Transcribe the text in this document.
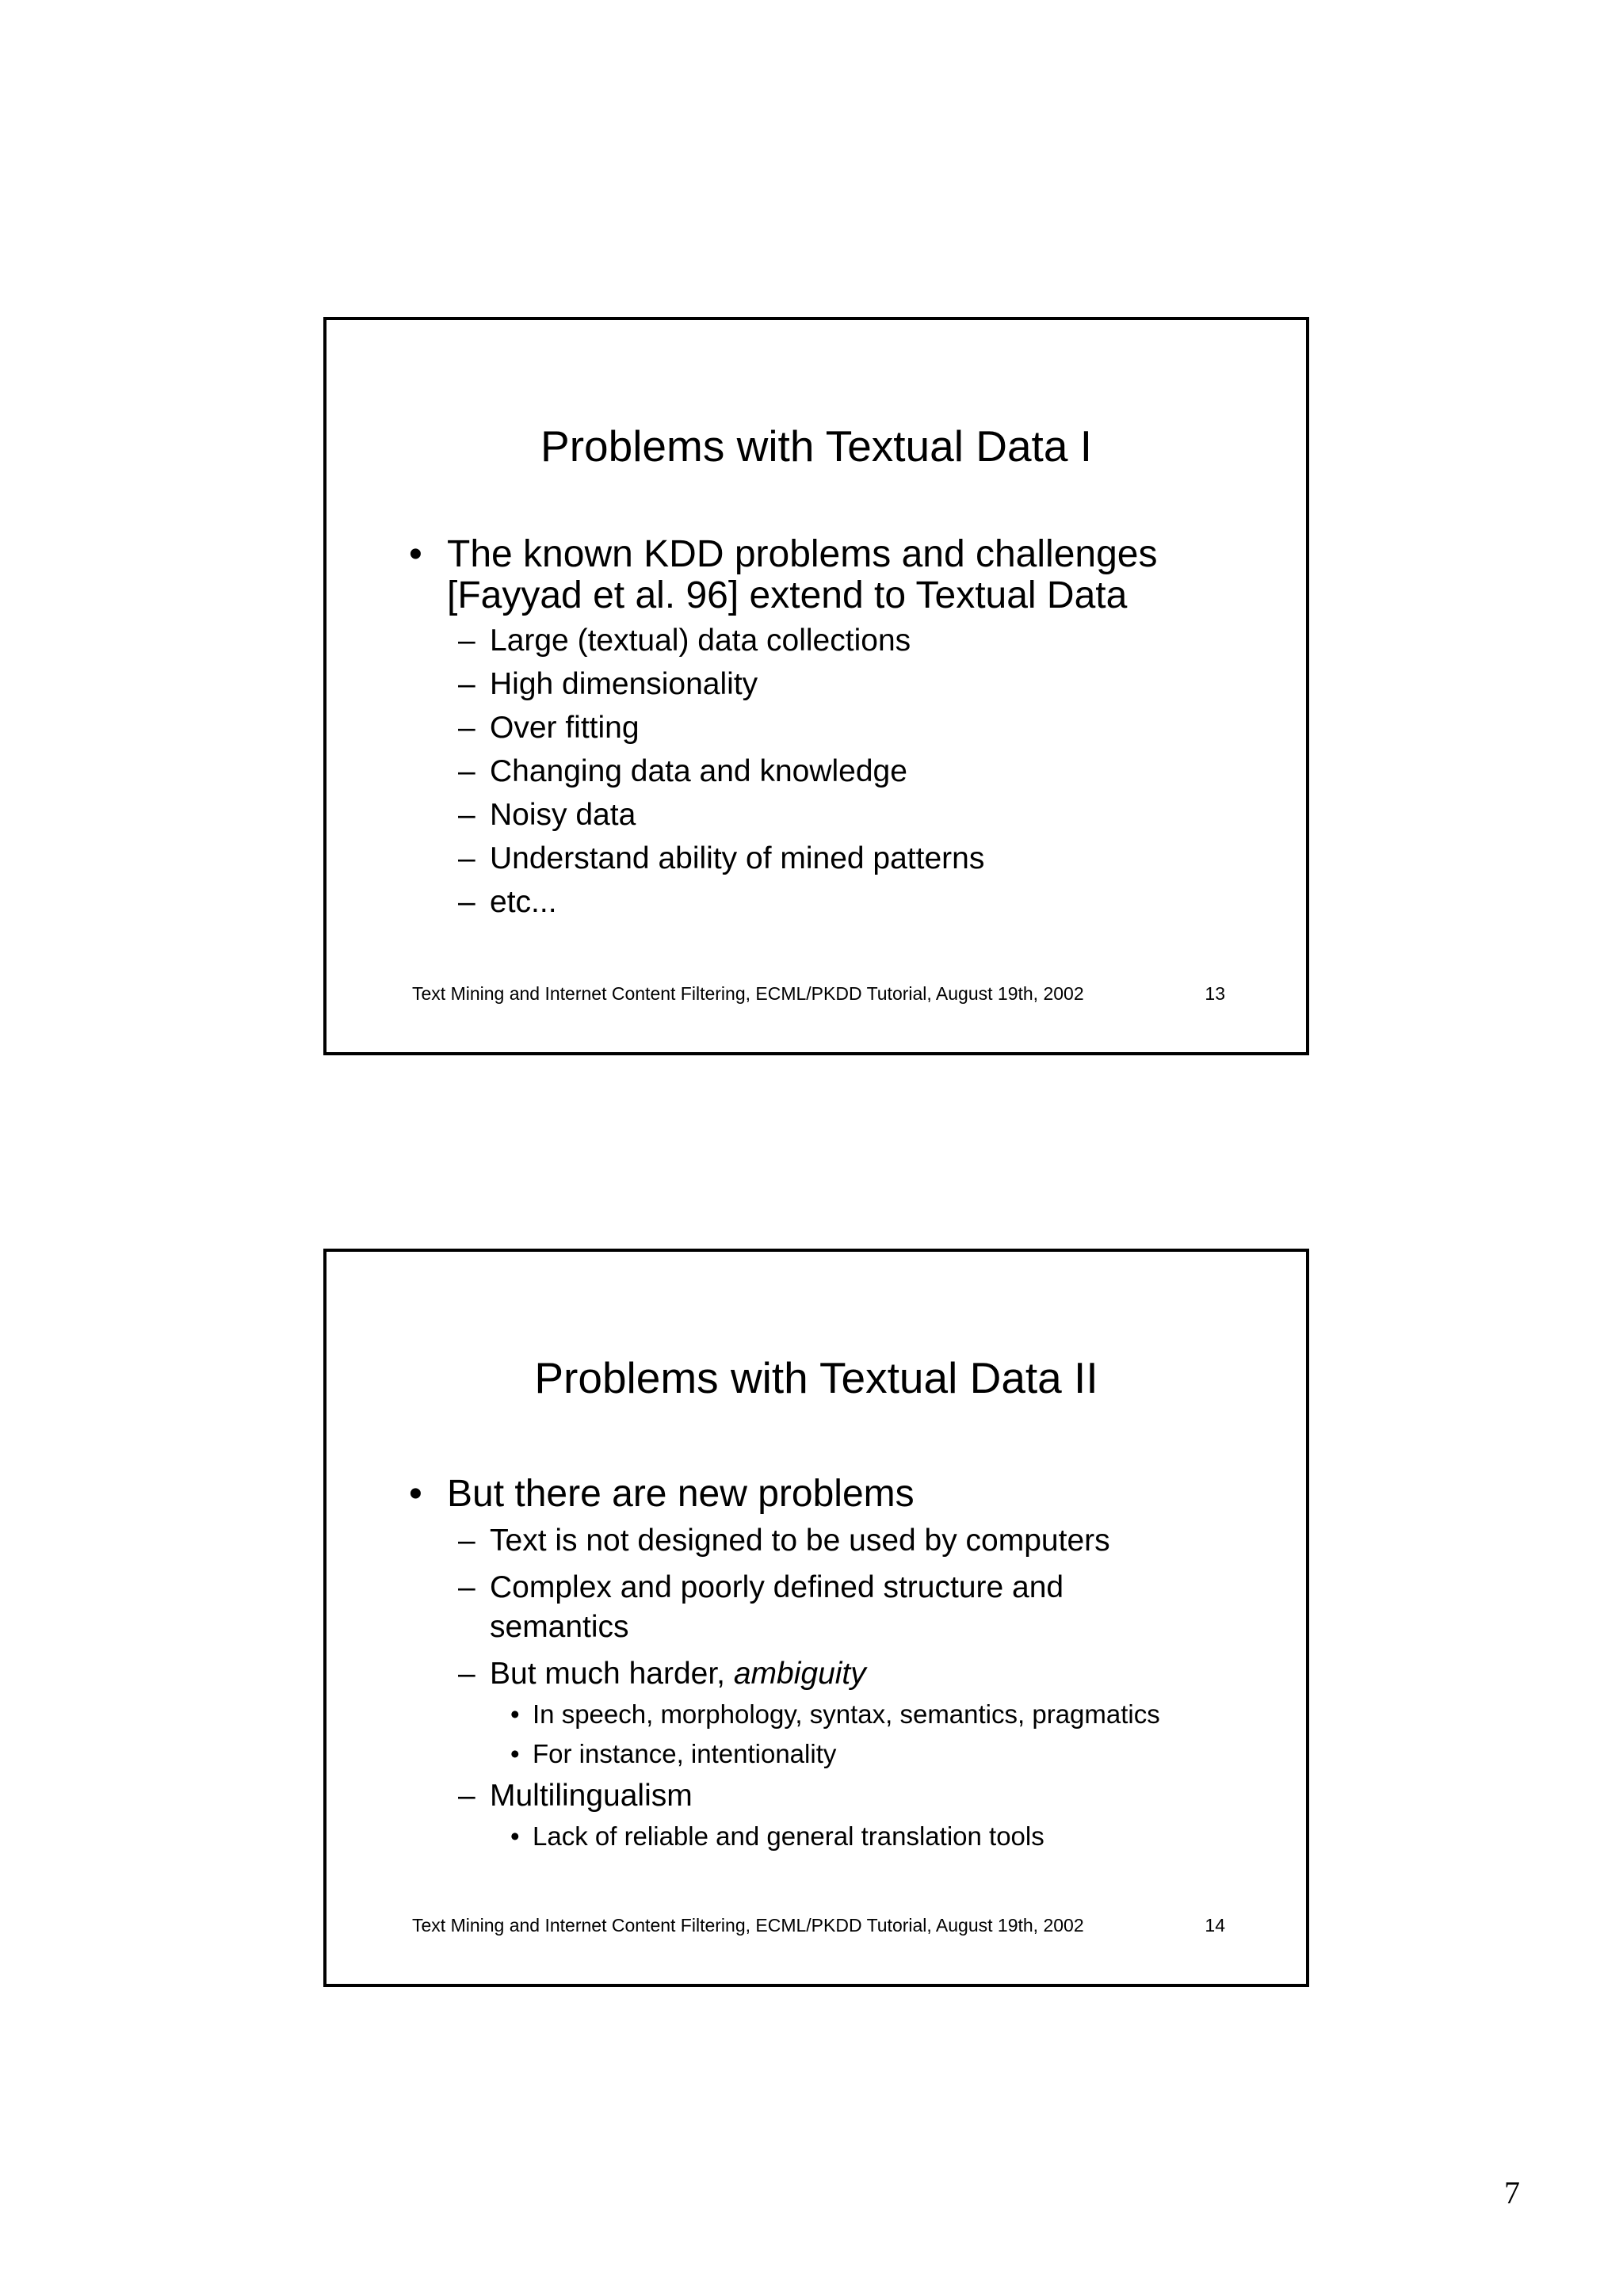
Problems with Textual Data I
• The known KDD problems and challenges
[Fayyad et al. 96] extend to Textual Data
– Large (textual) data collections
– High dimensionality
– Over fitting
– Changing data and knowledge
– Noisy data
– Understand ability of mined patterns
– etc...
Text Mining and Internet Content Filtering, ECML/PKDD Tutorial, August 19th, 2002	13
Problems with Textual Data II
• But there are new problems
– Text is not designed to be used by computers
– Complex and poorly defined structure and
semantics
– But much harder, ambiguity
• In speech, morphology, syntax, semantics, pragmatics
• For instance, intentionality
– Multilingualism
• Lack of reliable and general translation tools
Text Mining and Internet Content Filtering, ECML/PKDD Tutorial, August 19th, 2002	14
7
